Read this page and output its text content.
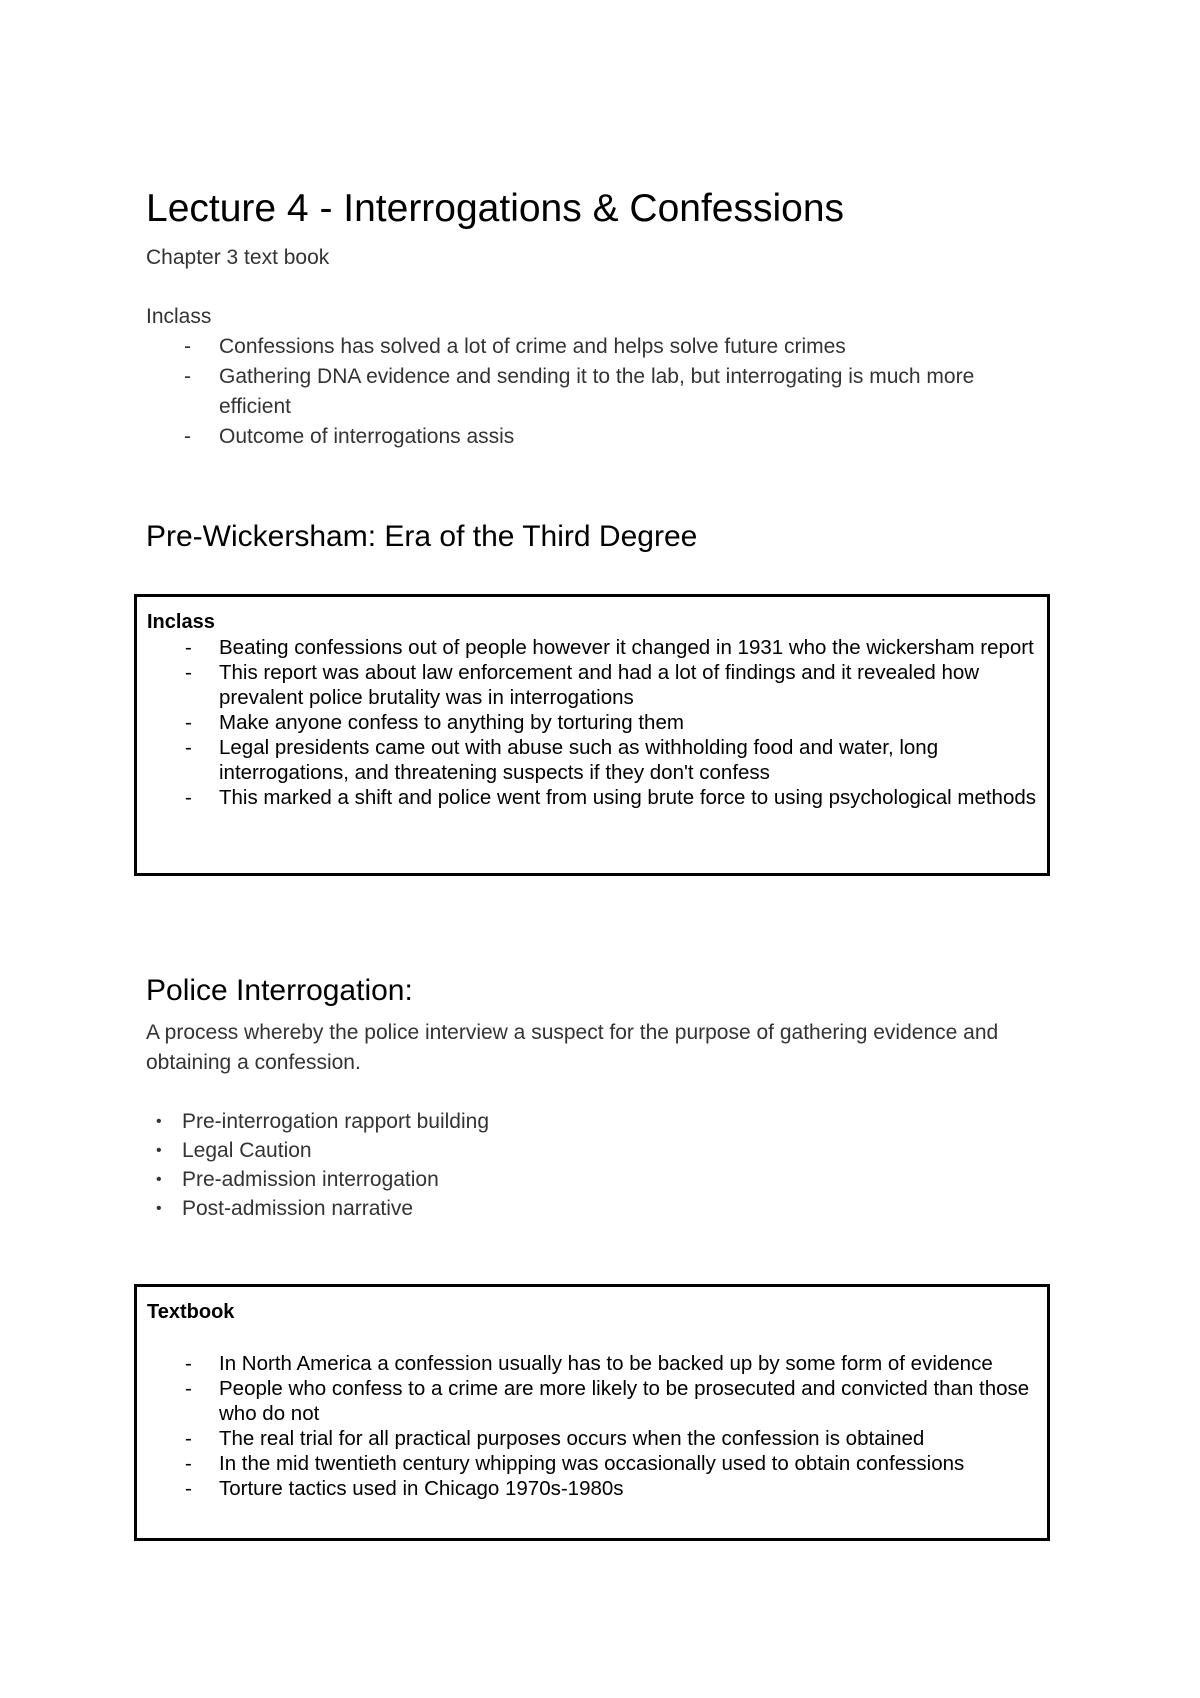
Lecture 4 - Interrogations & Confessions

Chapter 3 text book

Inclass

- Confessions has solved a lot of crime and helps solve future crimes
- Gathering DNA evidence and sending it to the lab, but interrogating is much more efficient
- Outcome of interrogations assis
Pre-Wickersham: Era of the Third Degree

Inclass

- Beating confessions out of people however it changed in 1931 who the wickersham report
- This report was about law enforcement and had a lot of findings and it revealed how prevalent police brutality was in interrogations
- Make anyone confess to anything by torturing them
- Legal presidents came out with abuse such as withholding food and water, long interrogations, and threatening suspects if they don't confess
- This marked a shift and police went from using brute force to using psychological methods
Police Interrogation:

A process whereby the police interview a suspect for the purpose of gathering evidence and obtaining a confession.

• Pre-interrogation rapport building
• Legal Caution
• Pre-admission interrogation
• Post-admission narrative

Textbook

- In North America a confession usually has to be backed up by some form of evidence
- People who confess to a crime are more likely to be prosecuted and convicted than those who do not
- The real trial for all practical purposes occurs when the confession is obtained
- In the mid twentieth century whipping was occasionally used to obtain confessions
- Torture tactics used in Chicago 1970s-1980s
